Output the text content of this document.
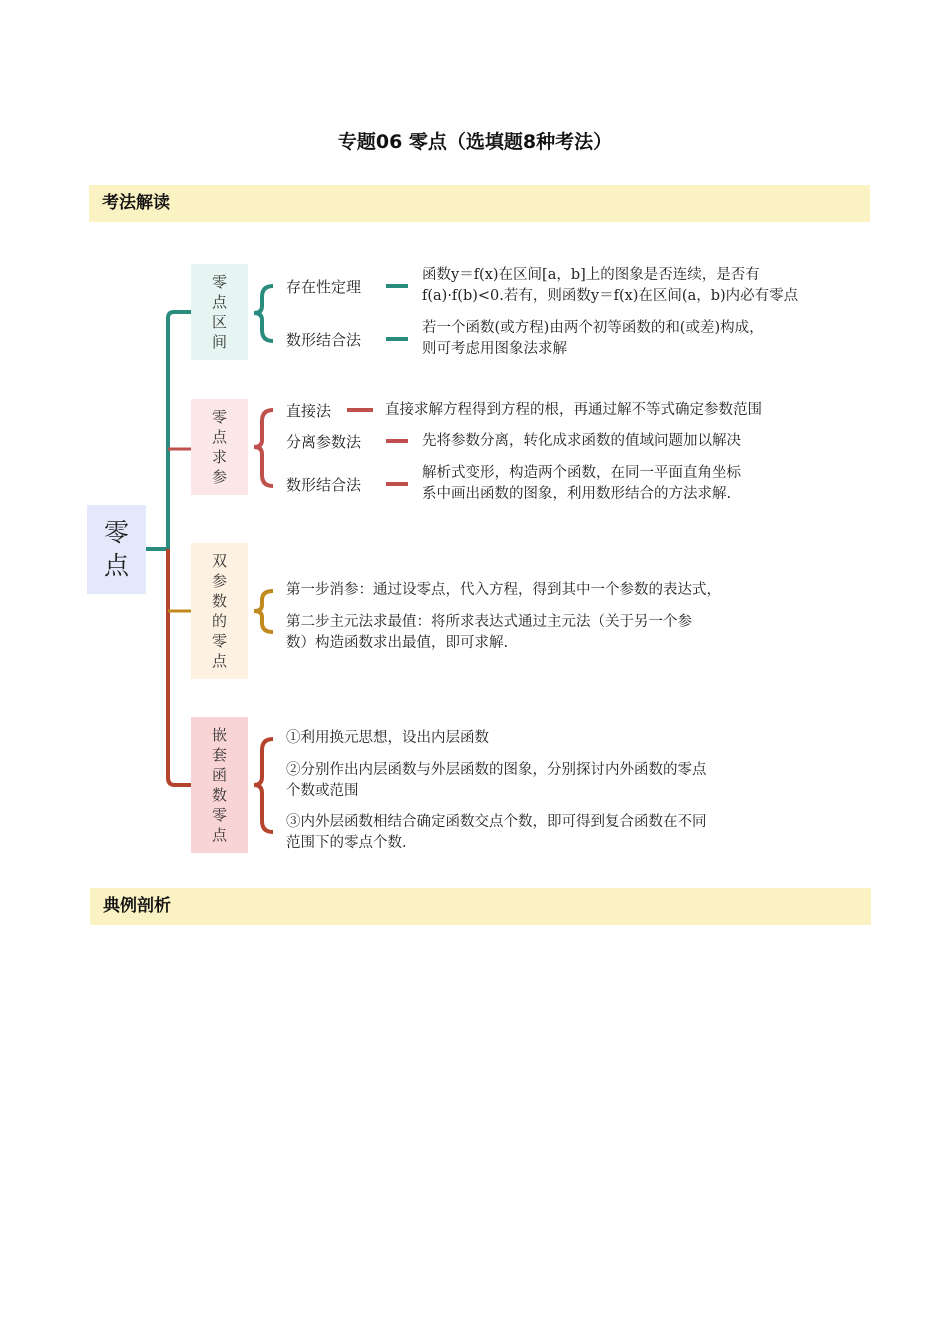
专题06 零点（选填题8种考法）
考法解读
零
点
零
点
区
间
存在性定理
函数y＝f(x)在区间[a，b]上的图象是否连续，是否有
f(a)·f(b)<0.若有，则函数y＝f(x)在区间(a，b)内必有零点
数形结合法
若一个函数(或方程)由两个初等函数的和(或差)构成，
则可考虑用图象法求解
零
点
求
参
直接法	直接求解方程得到方程的根，再通过解不等式确定参数范围
分离参数法	先将参数分离，转化成求函数的值域问题加以解决
数形结合法
解析式变形，构造两个函数，在同一平面直角坐标
系中画出函数的图象，利用数形结合的方法求解.
双
参
数
的
零
点
第一步消参：通过设零点，代入方程，得到其中一个参数的表达式，
第二步主元法求最值：将所求表达式通过主元法（关于另一个参
数）构造函数求出最值，即可求解.
嵌
套
函
数
零
点
①利用换元思想，设出内层函数
②分别作出内层函数与外层函数的图象，分别探讨内外函数的零点
个数或范围
③内外层函数相结合确定函数交点个数，即可得到复合函数在不同
范围下的零点个数.
典例剖析
